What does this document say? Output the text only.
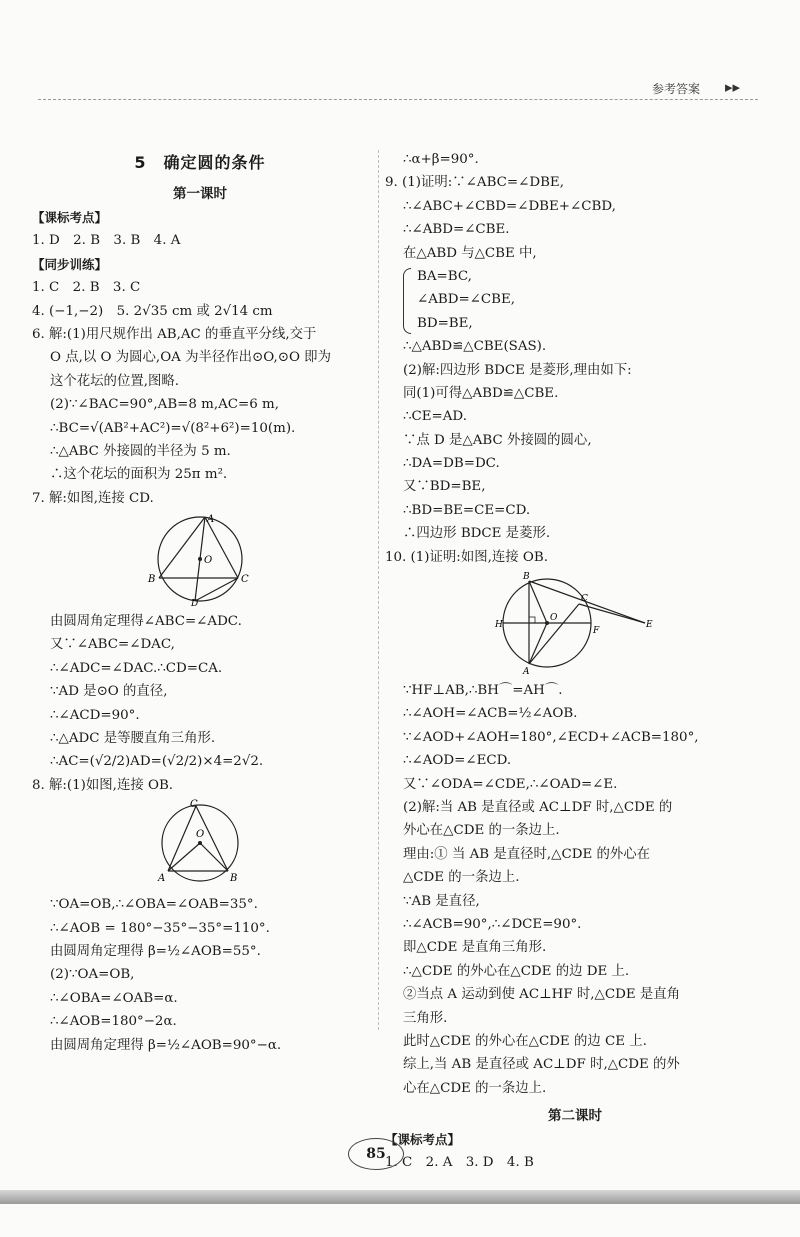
参考答案 ▸▸
5　确定圆的条件
第一课时
【课标考点】
1. D　2. B　3. B　4. A
【同步训练】
1. C　2. B　3. C
4. (−1,−2)　5. 2√35 cm 或 2√14 cm
6. 解:(1)用尺规作出 AB,AC 的垂直平分线,交于
O 点,以 O 为圆心,OA 为半径作出⊙O,⊙O 即为
这个花坛的位置,图略.
(2)∵∠BAC=90°,AB=8 m,AC=6 m,
∴BC=√(AB²+AC²)=√(8²+6²)=10(m).
∴△ABC 外接圆的半径为 5 m.
∴这个花坛的面积为 25π m².
7. 解:如图,连接 CD.
A
B	C
D
O
由圆周角定理得∠ABC=∠ADC.
又∵∠ABC=∠DAC,
∴∠ADC=∠DAC.∴CD=CA.
∵AD 是⊙O 的直径,
∴∠ACD=90°.
∴△ADC 是等腰直角三角形.
∴AC=(√2/2)AD=(√2/2)×4=2√2.
8. 解:(1)如图,连接 OB.
C
A	B
O
∵OA=OB,∴∠OBA=∠OAB=35°.
∴∠AOB = 180°−35°−35°=110°.
由圆周角定理得 β=½∠AOB=55°.
(2)∵OA=OB,
∴∠OBA=∠OAB=α.
∴∠AOB=180°−2α.
由圆周角定理得 β=½∠AOB=90°−α.
∴α+β=90°.
9. (1)证明:∵∠ABC=∠DBE,
∴∠ABC+∠CBD=∠DBE+∠CBD,
∴∠ABD=∠CBE.
在△ABD 与△CBE 中,
BA=BC,
∠ABD=∠CBE,
BD=BE,
∴△ABD≌△CBE(SAS).
(2)解:四边形 BDCE 是菱形,理由如下:
同(1)可得△ABD≌△CBE.
∴CE=AD.
∵点 D 是△ABC 外接圆的圆心,
∴DA=DB=DC.
又∵BD=BE,
∴BD=BE=CE=CD.
∴四边形 BDCE 是菱形.
10. (1)证明:如图,连接 OB.
B
A
H
C
F
E
O
∵HF⊥AB,∴BH⌒=AH⌒.
∴∠AOH=∠ACB=½∠AOB.
∵∠AOD+∠AOH=180°,∠ECD+∠ACB=180°,
∴∠AOD=∠ECD.
又∵∠ODA=∠CDE,∴∠OAD=∠E.
(2)解:当 AB 是直径或 AC⊥DF 时,△CDE 的
外心在△CDE 的一条边上.
理由:① 当 AB 是直径时,△CDE 的外心在
△CDE 的一条边上.
∵AB 是直径,
∴∠ACB=90°,∴∠DCE=90°.
即△CDE 是直角三角形.
∴△CDE 的外心在△CDE 的边 DE 上.
②当点 A 运动到使 AC⊥HF 时,△CDE 是直角
三角形.
此时△CDE 的外心在△CDE 的边 CE 上.
综上,当 AB 是直径或 AC⊥DF 时,△CDE 的外
心在△CDE 的一条边上.
第二课时
【课标考点】
1. C　2. A　3. D　4. B
85
